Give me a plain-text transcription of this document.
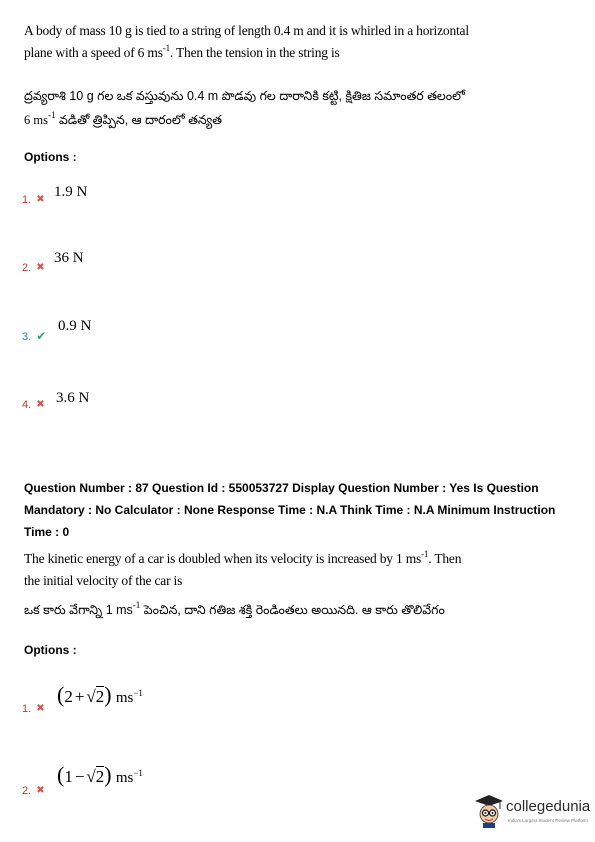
A body of mass 10 g is tied to a string of length 0.4 m and it is whirled in a horizontal
plane with a speed of 6 $ms^{-1}$. Then the tension in the string is
ద్రవ్యరాశి 10 g గల ఒక వస్తువును 0.4 m పొడవు గల దారానికి కట్టి, క్షితిజ సమాంతర తలంలో
6 $ms^{-1}$ వడితో త్రిప్పిన, ఆ దారంలో తన్యత
Options :
1. ✖ 1.9 N
2. ✖
36 N
3. ✔
0.9 N
4. ✖ 3.6 N
Question Number : 87 Question Id : 550053727 Display Question Number : Yes Is Question
Mandatory : No Calculator : None Response Time : N.A Think Time : N.A Minimum Instruction
Time : 0
The kinetic energy of a car is doubled when its velocity is increased by 1 $ms^{-1}$. Then
the initial velocity of the car is
ఒక కారు వేగాన్ని 1 $ms^{-1}$ పెంచిన, దాని గతిజ శక్తి రెండింతలు అయినది. ఆ కారు తొలివేగం
Options :
1. ✖
(2 + √2) $ms^{-1}$
2. ✖
(1 − √2) $ms^{-1}$
collegedunia
India's Largest Student Review Platform
